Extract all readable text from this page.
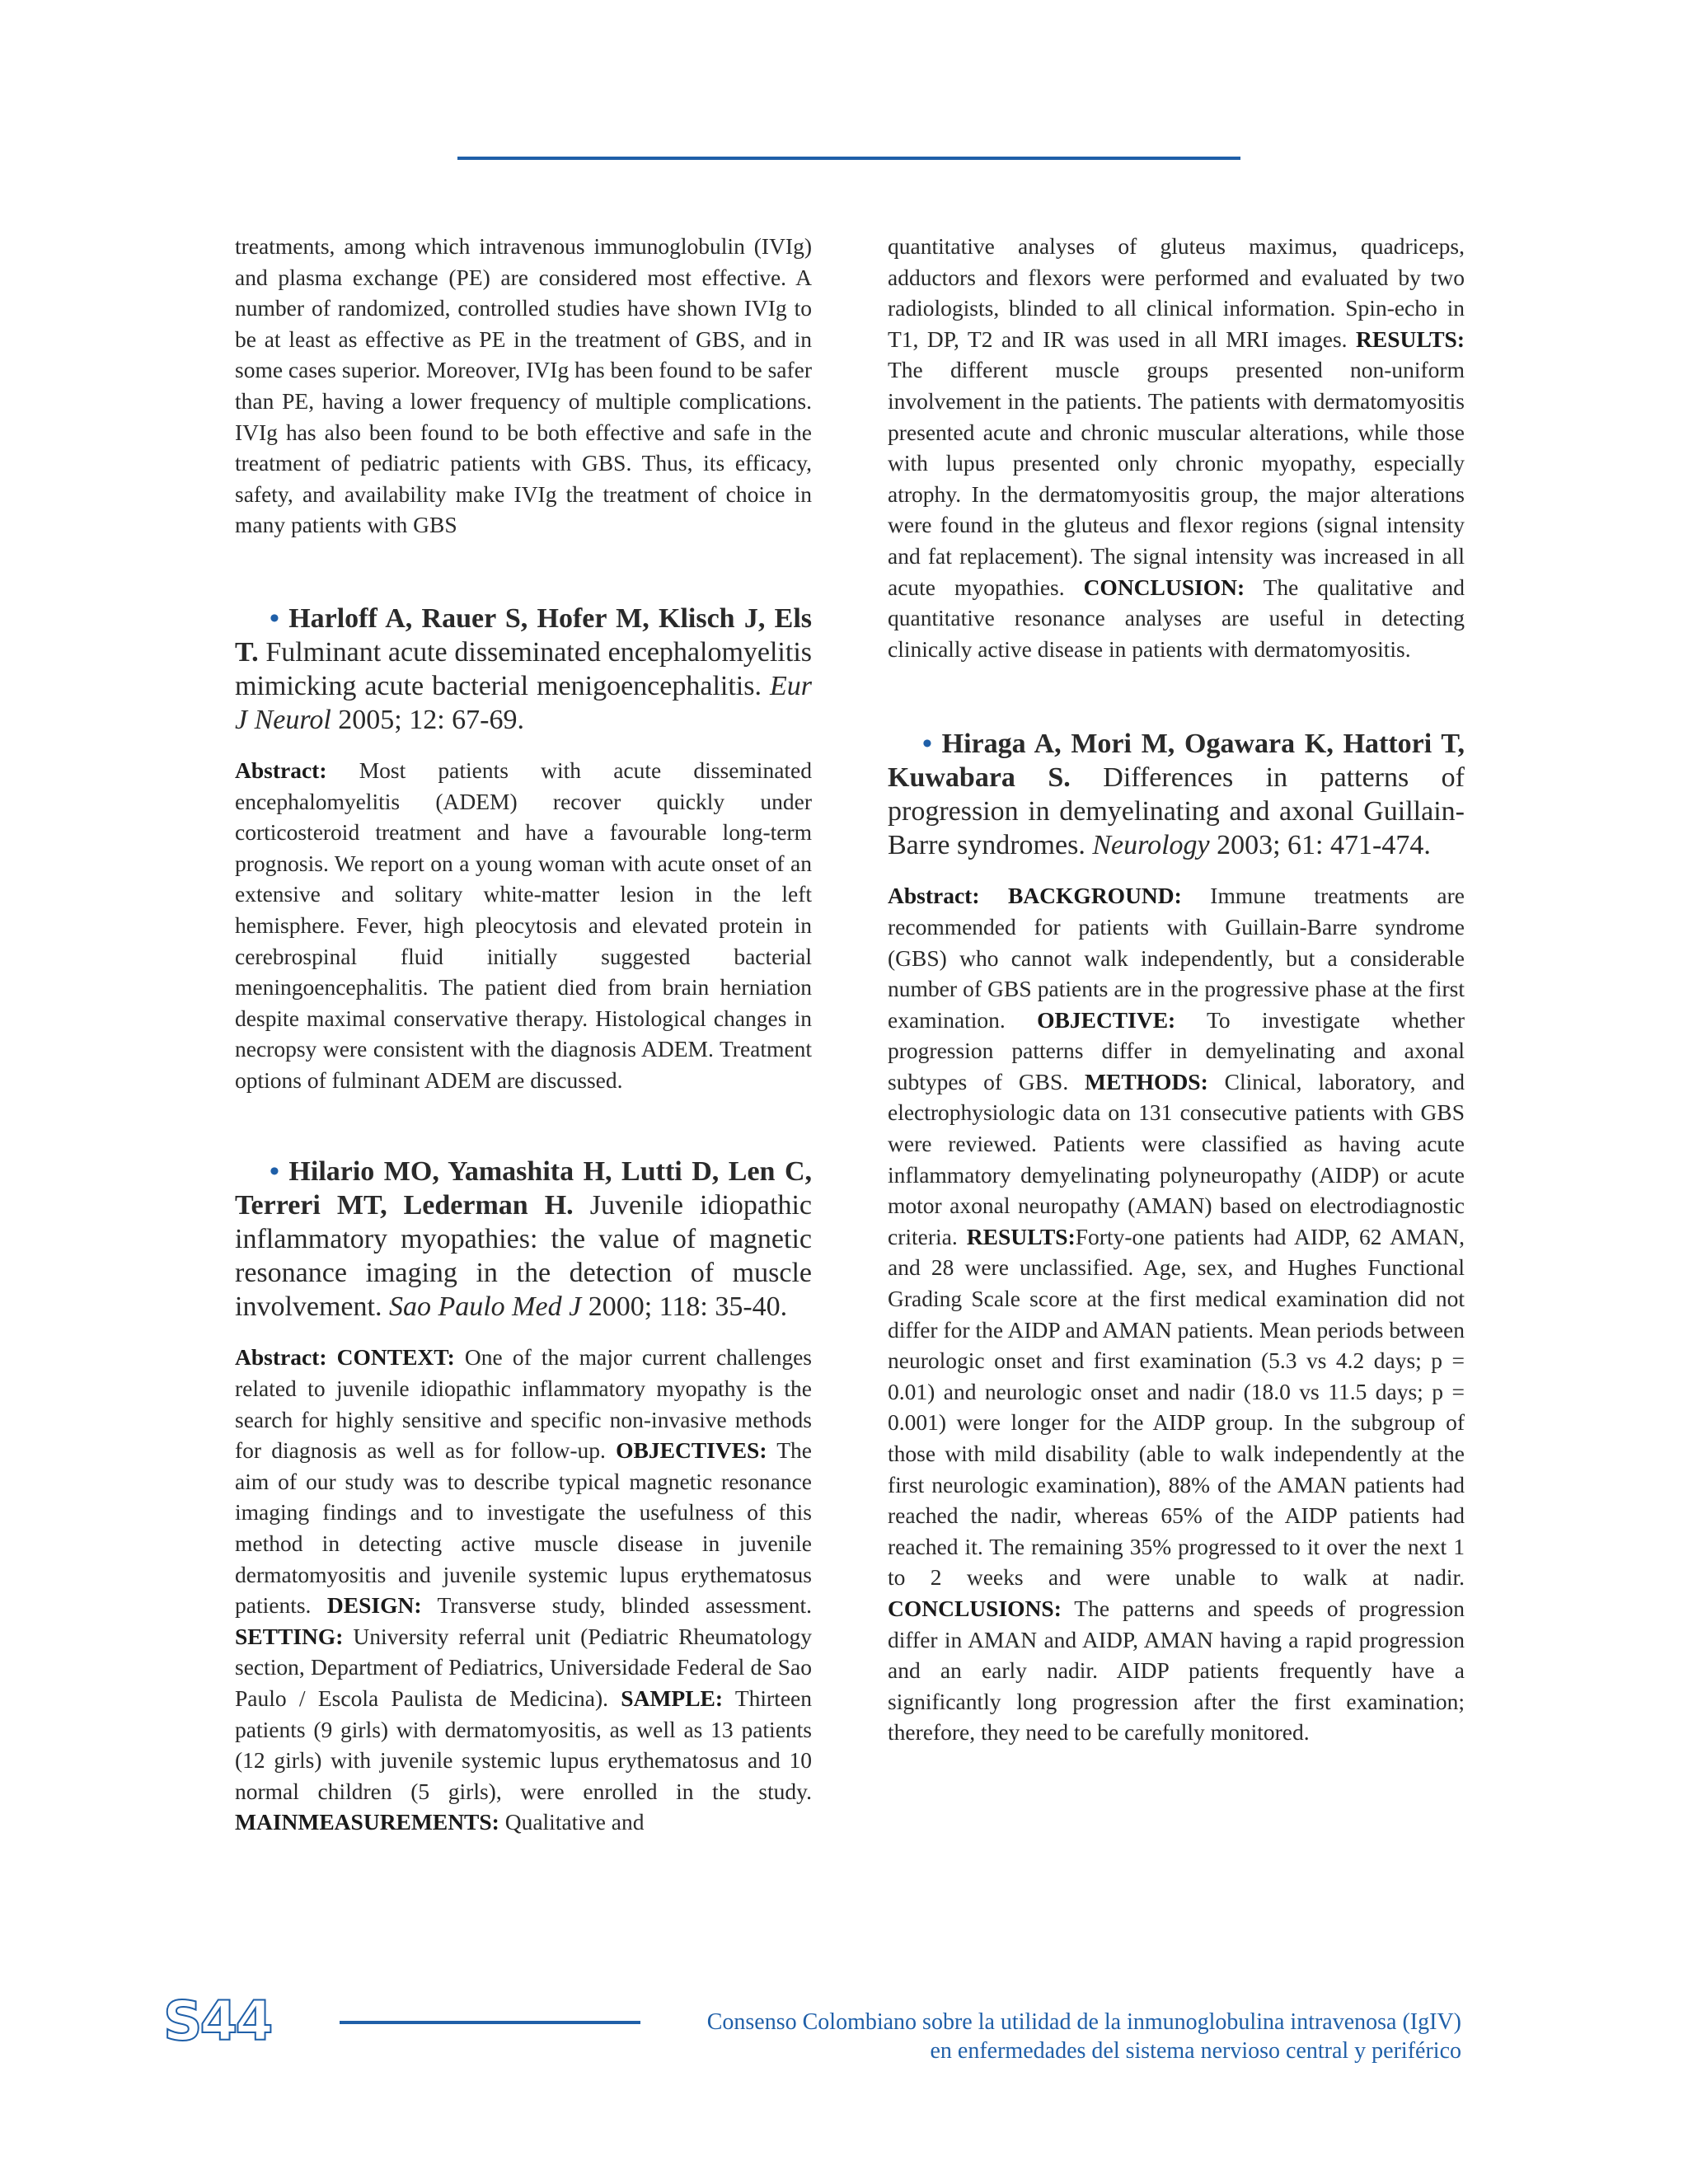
treatments, among which intravenous immunoglobulin (IVIg) and plasma exchange (PE) are considered most effective. A number of randomized, controlled studies have shown IVIg to be at least as effective as PE in the treatment of GBS, and in some cases superior. Moreover, IVIg has been found to be safer than PE, having a lower frequency of multiple complications. IVIg has also been found to be both effective and safe in the treatment of pediatric patients with GBS. Thus, its efficacy, safety, and availability make IVIg the treatment of choice in many patients with GBS

• Harloff A, Rauer S, Hofer M, Klisch J, Els T. Fulminant acute disseminated encephalomyelitis mimicking acute bacterial menigoencephalitis. Eur J Neurol 2005; 12: 67-69.

Abstract: Most patients with acute disseminated encephalomyelitis (ADEM) recover quickly under corticosteroid treatment and have a favourable long-term prognosis. We report on a young woman with acute onset of an extensive and solitary white-matter lesion in the left hemisphere. Fever, high pleocytosis and elevated protein in cerebrospinal fluid initially suggested bacterial meningoencephalitis. The patient died from brain herniation despite maximal conservative therapy. Histological changes in necropsy were consistent with the diagnosis ADEM. Treatment options of fulminant ADEM are discussed.

• Hilario MO, Yamashita H, Lutti D, Len C, Terreri MT, Lederman H. Juvenile idiopathic inflammatory myopathies: the value of magnetic resonance imaging in the detection of muscle involvement. Sao Paulo Med J 2000; 118: 35-40.

Abstract: CONTEXT: One of the major current challenges related to juvenile idiopathic inflammatory myopathy is the search for highly sensitive and specific non-invasive methods for diagnosis as well as for follow-up. OBJECTIVES: The aim of our study was to describe typical magnetic resonance imaging findings and to investigate the usefulness of this method in detecting active muscle disease in juvenile dermatomyositis and juvenile systemic lupus erythematosus patients. DESIGN: Transverse study, blinded assessment. SETTING: University referral unit (Pediatric Rheumatology section, Department of Pediatrics, Universidade Federal de Sao Paulo / Escola Paulista de Medicina). SAMPLE: Thirteen patients (9 girls) with dermatomyositis, as well as 13 patients (12 girls) with juvenile systemic lupus erythematosus and 10 normal children (5 girls), were enrolled in the study. MAINMEASUREMENTS: Qualitative and

quantitative analyses of gluteus maximus, quadriceps, adductors and flexors were performed and evaluated by two radiologists, blinded to all clinical information. Spin-echo in T1, DP, T2 and IR was used in all MRI images. RESULTS: The different muscle groups presented non-uniform involvement in the patients. The patients with dermatomyositis presented acute and chronic muscular alterations, while those with lupus presented only chronic myopathy, especially atrophy. In the dermatomyositis group, the major alterations were found in the gluteus and flexor regions (signal intensity and fat replacement). The signal intensity was increased in all acute myopathies. CONCLUSION: The qualitative and quantitative resonance analyses are useful in detecting clinically active disease in patients with dermatomyositis.

• Hiraga A, Mori M, Ogawara K, Hattori T, Kuwabara S. Differences in patterns of progression in demyelinating and axonal Guillain-Barre syndromes. Neurology 2003; 61: 471-474.

Abstract: BACKGROUND: Immune treatments are recommended for patients with Guillain-Barre syndrome (GBS) who cannot walk independently, but a considerable number of GBS patients are in the progressive phase at the first examination. OBJECTIVE: To investigate whether progression patterns differ in demyelinating and axonal subtypes of GBS. METHODS: Clinical, laboratory, and electrophysiologic data on 131 consecutive patients with GBS were reviewed. Patients were classified as having acute inflammatory demyelinating polyneuropathy (AIDP) or acute motor axonal neuropathy (AMAN) based on electrodiagnostic criteria. RESULTS:Forty-one patients had AIDP, 62 AMAN, and 28 were unclassified. Age, sex, and Hughes Functional Grading Scale score at the first medical examination did not differ for the AIDP and AMAN patients. Mean periods between neurologic onset and first examination (5.3 vs 4.2 days; p = 0.01) and neurologic onset and nadir (18.0 vs 11.5 days; p = 0.001) were longer for the AIDP group. In the subgroup of those with mild disability (able to walk independently at the first neurologic examination), 88% of the AMAN patients had reached the nadir, whereas 65% of the AIDP patients had reached it. The remaining 35% progressed to it over the next 1 to 2 weeks and were unable to walk at nadir. CONCLUSIONS: The patterns and speeds of progression differ in AMAN and AIDP, AMAN having a rapid progression and an early nadir. AIDP patients frequently have a significantly long progression after the first examination; therefore, they need to be carefully monitored.

S44	Consenso Colombiano sobre la utilidad de la inmunoglobulina intravenosa (IgIV)
en enfermedades del sistema nervioso central y periférico
